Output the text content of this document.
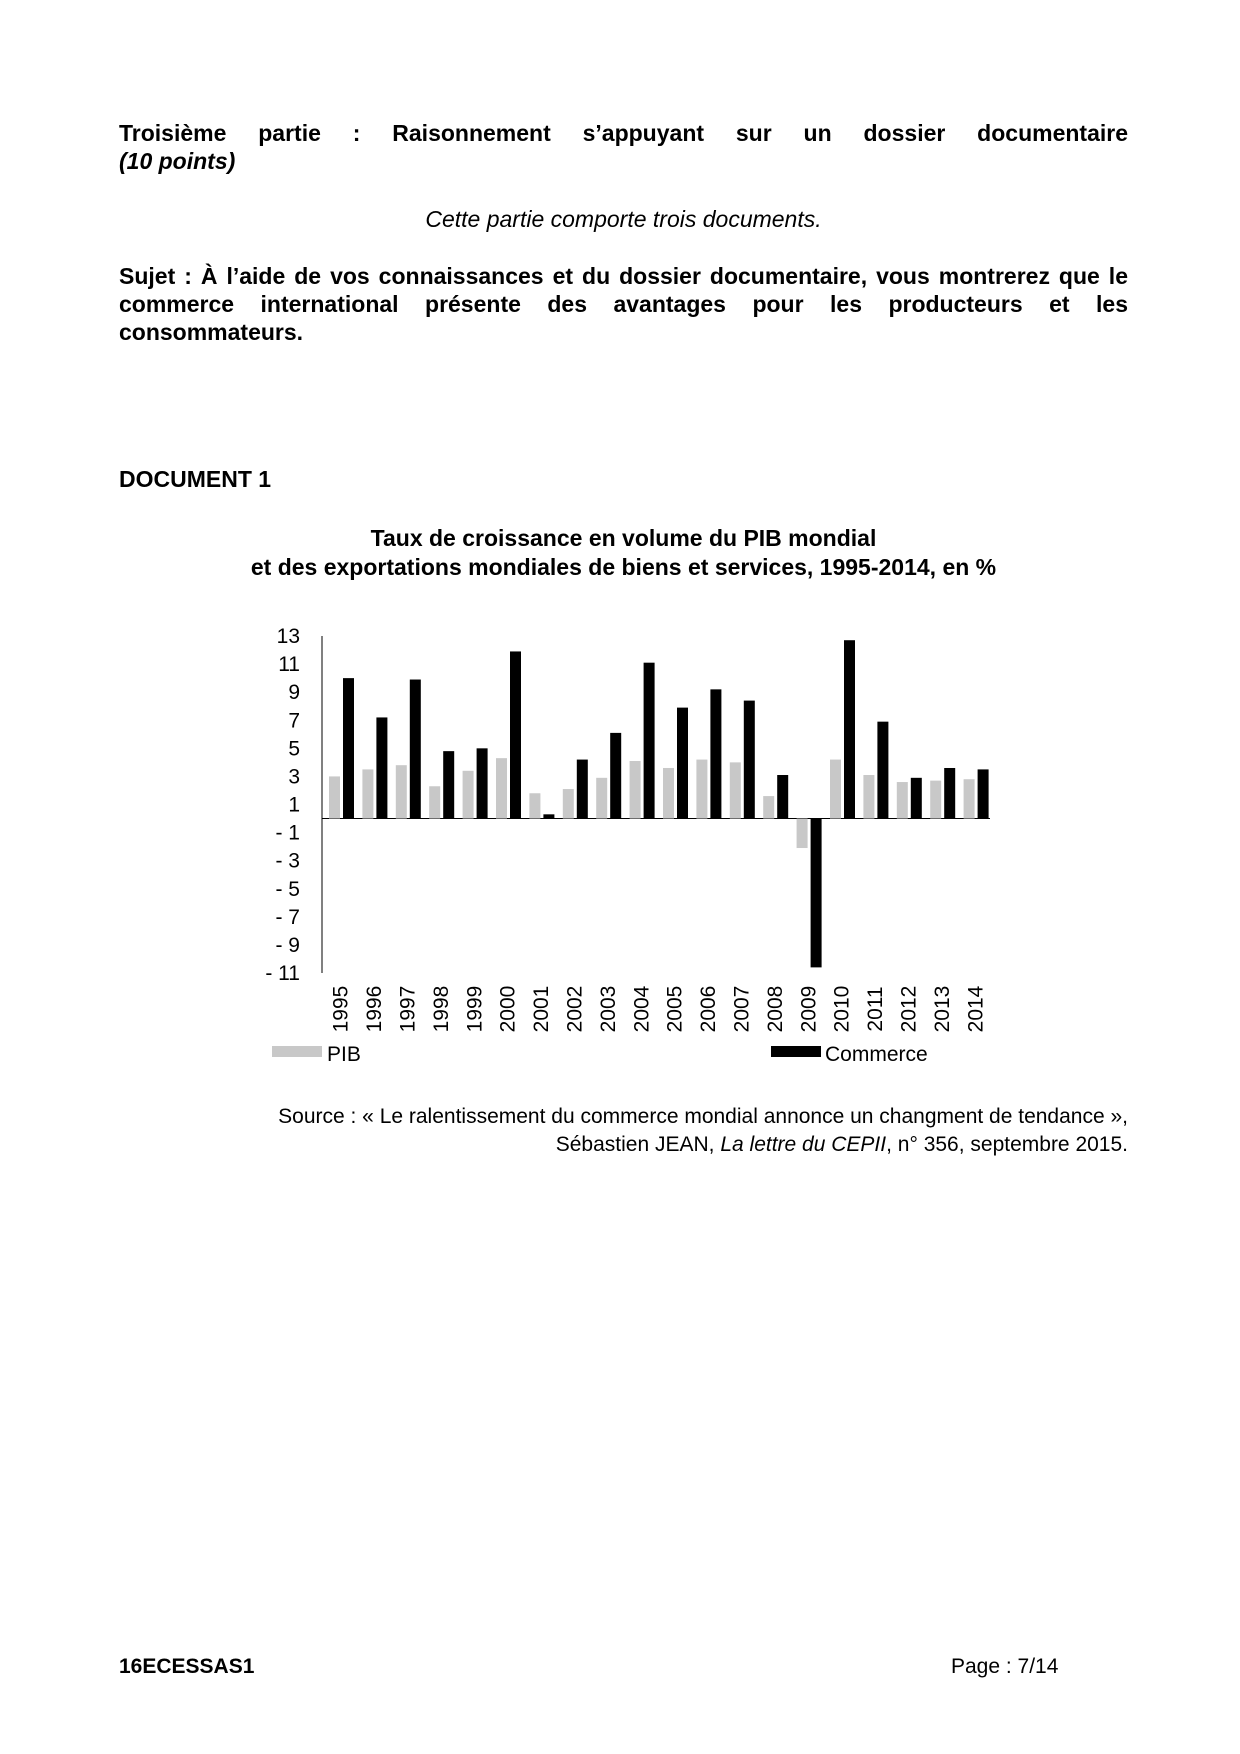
Troisième partie : Raisonnement s’appuyant sur un dossier documentaire
(10 points)
Cette partie comporte trois documents.
Sujet : À l’aide de vos connaissances et du dossier documentaire, vous montrerez que le commerce international présente des avantages pour les producteurs et les consommateurs.
DOCUMENT 1
Taux de croissance en volume du PIB mondial
et des exportations mondiales de biens et services, 1995-2014, en %
13
11
9
7
5
3
1
- 1
- 3
- 5
- 7
- 9
- 11
1995 1996 1997 1998 1999 2000 2001 2002 2003 2004 2005 2006 2007 2008 2009 2010 2011 2012 2013 2014
PIB	Commerce
Source : « Le ralentissement du commerce mondial annonce un changment de tendance »,
Sébastien JEAN, La lettre du CEPII, n° 356, septembre 2015.
16ECESSAS1	Page : 7/14
